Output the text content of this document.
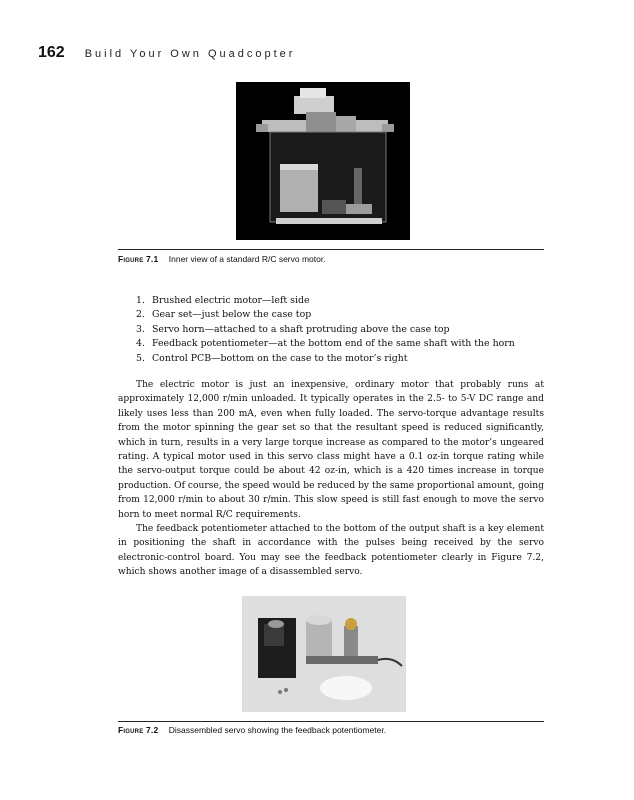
162 Build Your Own Quadcopter
Figure 7.1 Inner view of a standard R/C servo motor.
1. Brushed electric motor—left side
2. Gear set—just below the case top
3. Servo horn—attached to a shaft protruding above the case top
4. Feedback potentiometer—at the bottom end of the same shaft with the horn
5. Control PCB—bottom on the case to the motor’s right

The electric motor is just an inexpensive, ordinary motor that probably runs at approximately 12,000 r/min unloaded. It typically operates in the 2.5- to 5-V DC range and likely uses less than 200 mA, even when fully loaded. The servo-torque advantage results from the motor spinning the gear set so that the resultant speed is reduced significantly, which in turn, results in a very large torque increase as compared to the motor’s ungeared rating. A typical motor used in this servo class might have a 0.1 oz-in torque rating while the servo-output torque could be about 42 oz-in, which is a 420 times increase in torque production. Of course, the speed would be reduced by the same proportional amount, going from 12,000 r/min to about 30 r/min. This slow speed is still fast enough to move the servo horn to meet normal R/C requirements.

The feedback potentiometer attached to the bottom of the output shaft is a key element in positioning the shaft in accordance with the pulses being received by the servo electronic-control board. You may see the feedback potentiometer clearly in Figure 7.2, which shows another image of a disassembled servo.

Figure 7.2 Disassembled servo showing the feedback potentiometer.
